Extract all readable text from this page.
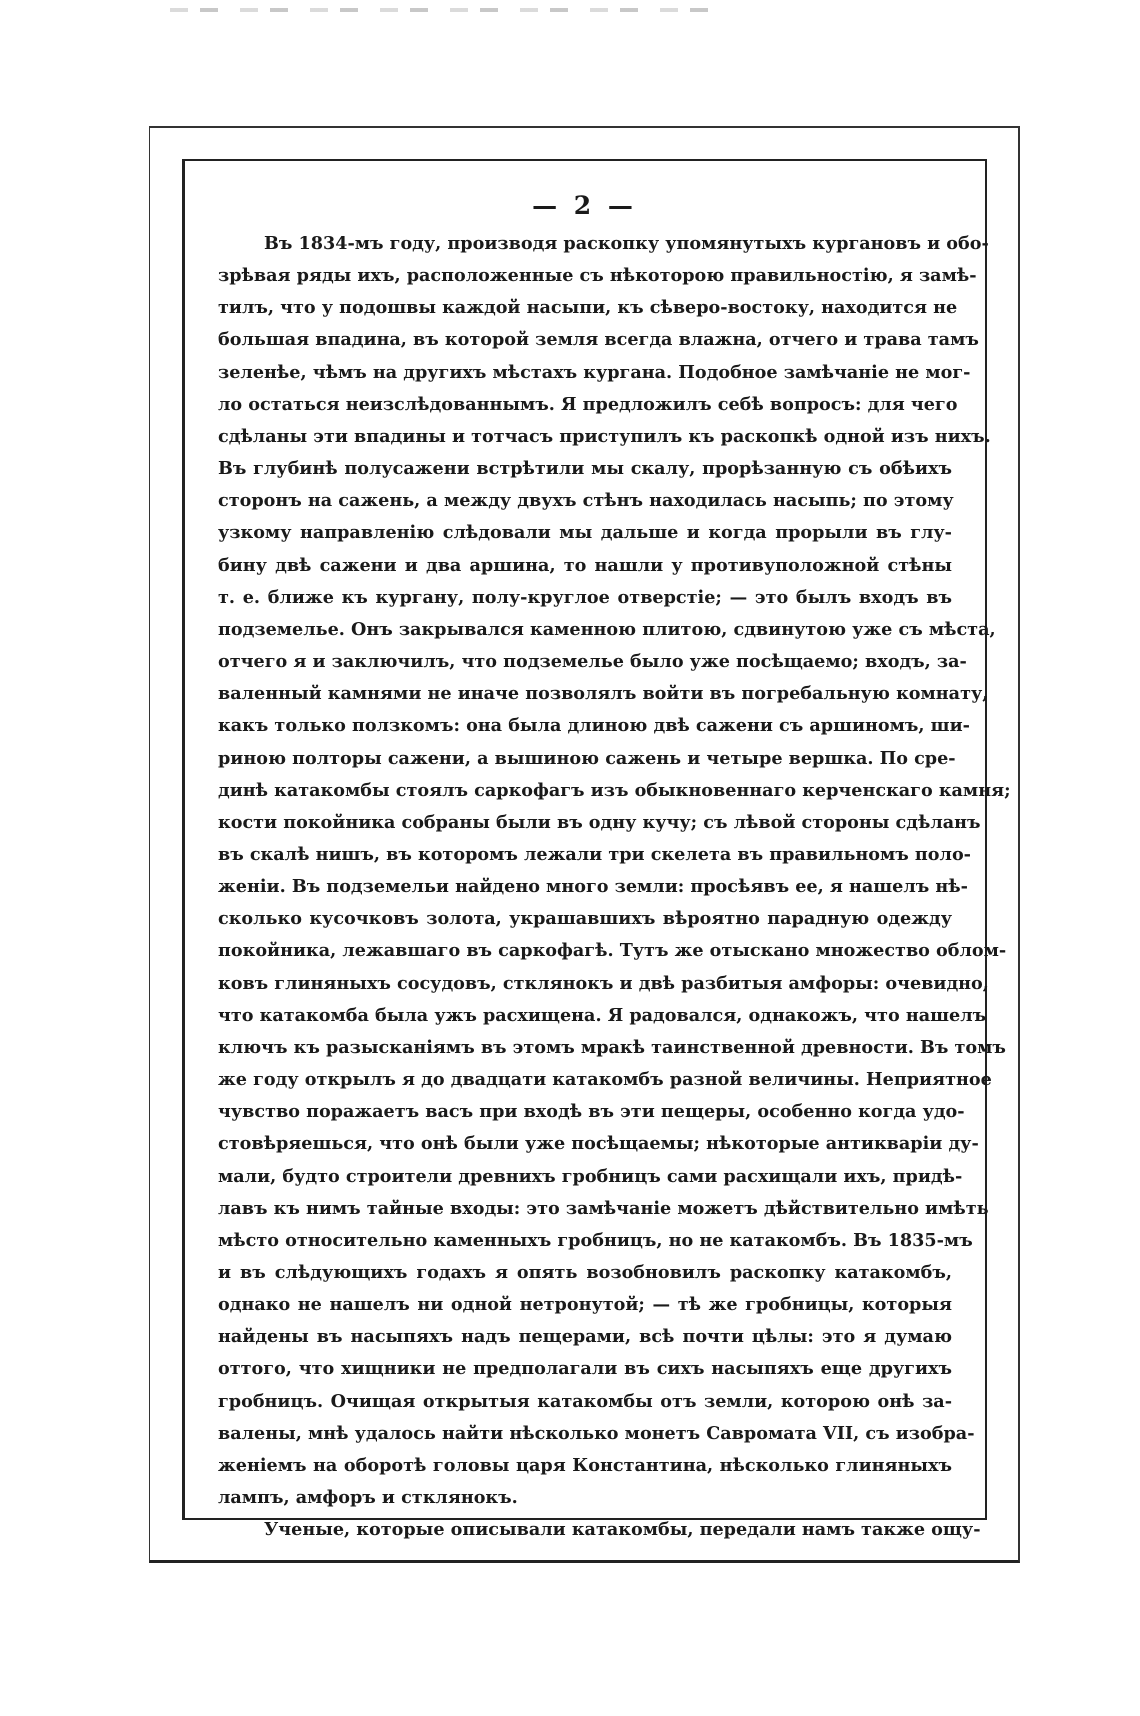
— 2 —
Въ 1834-мъ году, производя раскопку упомянутыхъ кургановъ и обо-
зрѣвая ряды ихъ, расположенные съ нѣкоторою правильностію, я замѣ-
тилъ, что у подошвы каждой насыпи, къ сѣверо-востоку, находится не
большая впадина, въ которой земля всегда влажна, отчего и трава тамъ
зеленѣе, чѣмъ на другихъ мѣстахъ кургана. Подобное замѣчаніе не мог-
ло остаться неизслѣдованнымъ. Я предложилъ себѣ вопросъ: для чего
сдѣланы эти впадины и тотчасъ приступилъ къ раскопкѣ одной изъ нихъ.
Въ глубинѣ полусажени встрѣтили мы скалу, прорѣзанную съ обѣихъ
сторонъ на сажень, а между двухъ стѣнъ находилась насыпь; по этому
узкому направленію слѣдовали мы дальше и когда прорыли въ глу-
бину двѣ сажени и два аршина, то нашли у противуположной стѣны
т. е. ближе къ кургану, полу-круглое отверстіе; — это былъ входъ въ
подземелье. Онъ закрывался каменною плитою, сдвинутою уже съ мѣста,
отчего я и заключилъ, что подземелье было уже посѣщаемо; входъ, за-
валенный камнями не иначе позволялъ войти въ погребальную комнату,
какъ только ползкомъ: она была длиною двѣ сажени съ аршиномъ, ши-
риною полторы сажени, а вышиною сажень и четыре вершка. По сре-
динѣ катакомбы стоялъ саркофагъ изъ обыкновеннаго керченскаго камня;
кости покойника собраны были въ одну кучу; съ лѣвой стороны сдѣланъ
въ скалѣ нишъ, въ которомъ лежали три скелета въ правильномъ поло-
женіи. Въ подземельи найдено много земли: просѣявъ ее, я нашелъ нѣ-
сколько кусочковъ золота, украшавшихъ вѣроятно парадную одежду
покойника, лежавшаго въ саркофагѣ. Тутъ же отыскано множество облом-
ковъ глиняныхъ сосудовъ, стклянокъ и двѣ разбитыя амфоры: очевидно,
что катакомба была ужъ расхищена. Я радовался, однакожъ, что нашелъ
ключъ къ разысканіямъ въ этомъ мракѣ таинственной древности. Въ томъ
же году открылъ я до двадцати катакомбъ разной величины. Неприятное
чувство поражаетъ васъ при входѣ въ эти пещеры, особенно когда удо-
стовѣряешься, что онѣ были уже посѣщаемы; нѣкоторые антикваріи ду-
мали, будто строители древнихъ гробницъ сами расхищали ихъ, придѣ-
лавъ къ нимъ тайные входы: это замѣчаніе можетъ дѣйствительно имѣть
мѣсто относительно каменныхъ гробницъ, но не катакомбъ. Въ 1835-мъ
и въ слѣдующихъ годахъ я опять возобновилъ раскопку катакомбъ,
однако не нашелъ ни одной нетронутой; — тѣ же гробницы, которыя
найдены въ насыпяхъ надъ пещерами, всѣ почти цѣлы: это я думаю
оттого, что хищники не предполагали въ сихъ насыпяхъ еще другихъ
гробницъ. Очищая открытыя катакомбы отъ земли, которою онѣ за-
валены, мнѣ удалось найти нѣсколько монетъ Савромата VII, съ изобра-
женіемъ на оборотѣ головы царя Константина, нѣсколько глиняныхъ
лампъ, амфоръ и стклянокъ.
Ученые, которые описывали катакомбы, передали намъ также ощу-
